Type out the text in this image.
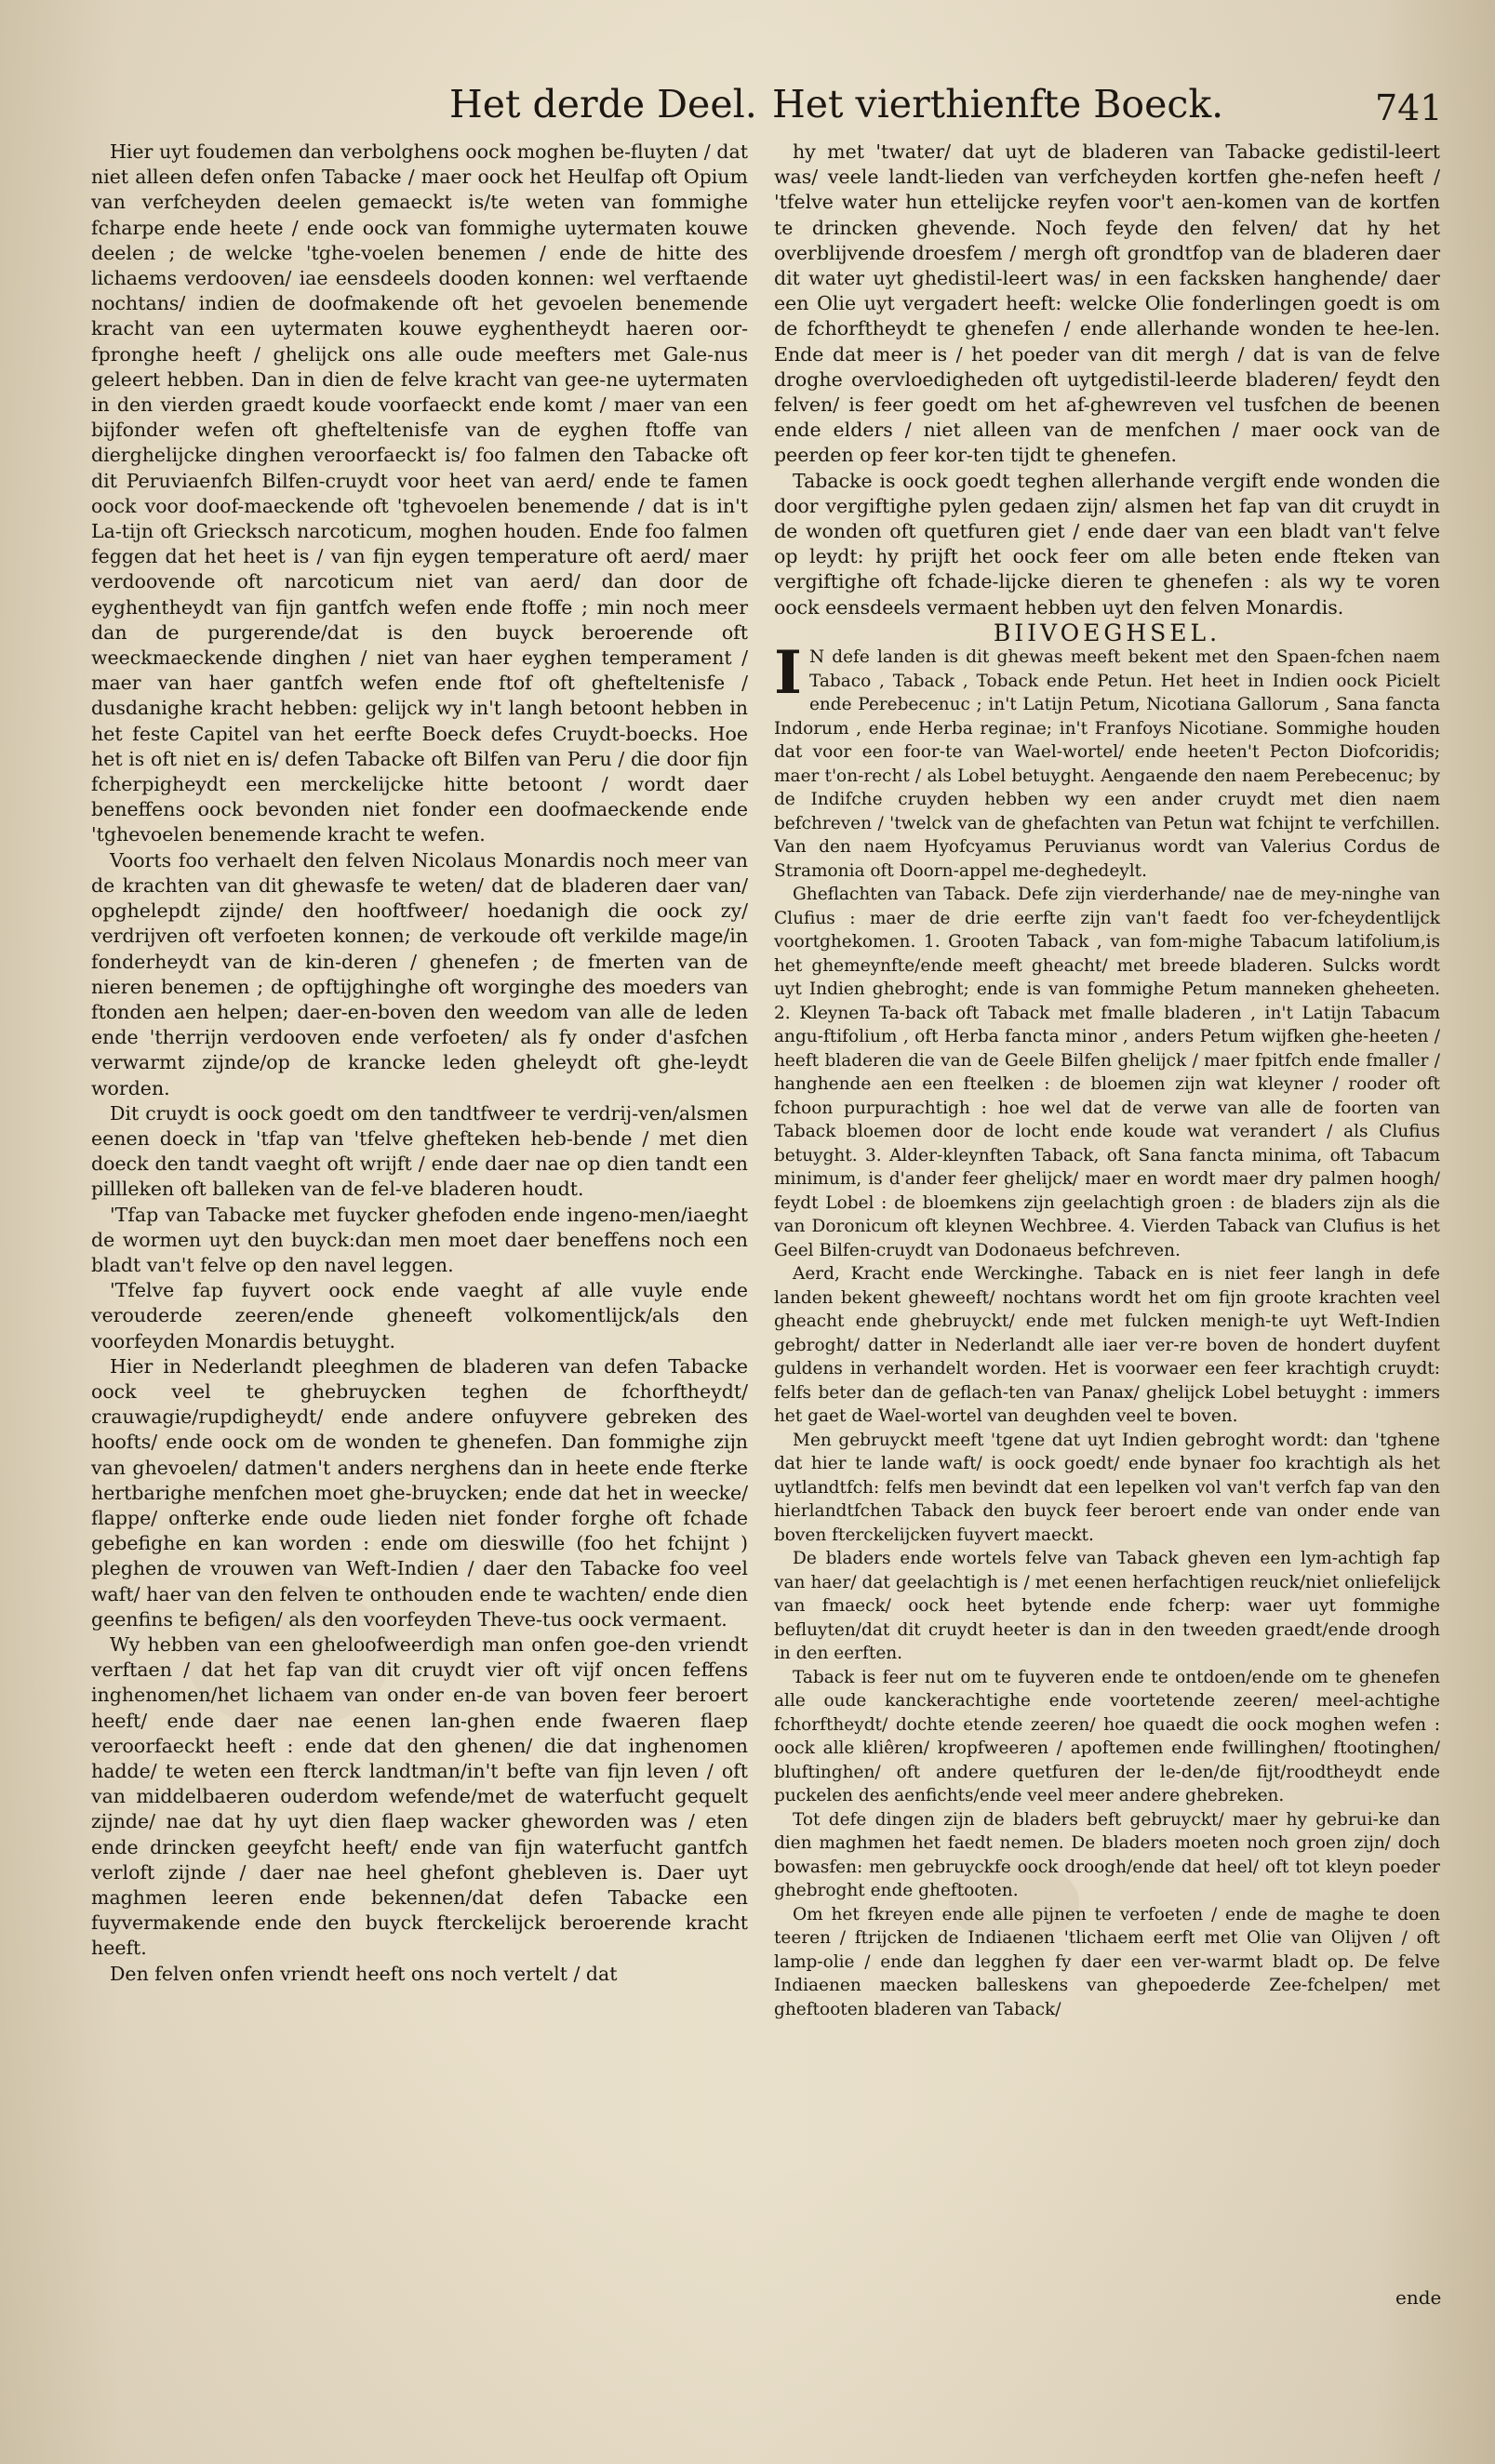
Het derde Deel. Het vierthienfte Boeck.	741

Hier uyt foudemen dan verbolghens oock moghen be-fluyten / dat niet alleen defen onfen Tabacke / maer oock het Heulfap oft Opium van verfcheyden deelen gemaeckt is/te weten van fommighe fcharpe ende heete / ende oock van fommighe uytermaten kouwe deelen ; de welcke 'tghe-voelen benemen / ende de hitte des lichaems verdooven/ iae eensdeels dooden konnen: wel verftaende nochtans/ indien de doofmakende oft het gevoelen benemende kracht van een uytermaten kouwe eyghentheydt haeren oor-fpronghe heeft / ghelijck ons alle oude meefters met Gale-nus geleert hebben. Dan in dien de felve kracht van gee-ne uytermaten in den vierden graedt koude voorfaeckt ende komt / maer van een bijfonder wefen oft ghefteltenisfe van de eyghen ftoffe van dierghelijcke dinghen veroorfaeckt is/ foo falmen den Tabacke oft dit Peruviaenfch Bilfen-cruydt voor heet van aerd/ ende te famen oock voor doof-maeckende oft 'tghevoelen benemende / dat is in't La-tijn oft Griecksch narcoticum, moghen houden. Ende foo falmen feggen dat het heet is / van fijn eygen temperature oft aerd/ maer verdoovende oft narcoticum niet van aerd/ dan door de eyghentheydt van fijn gantfch wefen ende ftoffe ; min noch meer dan de purgerende/dat is den buyck beroerende oft weeckmaeckende dinghen / niet van haer eyghen temperament / maer van haer gantfch wefen ende ftof oft ghefteltenisfe / dusdanighe kracht hebben: gelijck wy in't langh betoont hebben in het feste Capitel van het eerfte Boeck defes Cruydt-boecks. Hoe het is oft niet en is/ defen Tabacke oft Bilfen van Peru / die door fijn fcherpigheydt een merckelijcke hitte betoont / wordt daer beneffens oock bevonden niet fonder een doofmaeckende ende 'tghevoelen benemende kracht te wefen.

Voorts foo verhaelt den felven Nicolaus Monardis noch meer van de krachten van dit ghewasfe te weten/ dat de bladeren daer van/ opghelepdt zijnde/ den hooftfweer/ hoedanigh die oock zy/ verdrijven oft verfoeten konnen; de verkoude oft verkilde mage/in fonderheydt van de kin-deren / ghenefen ; de fmerten van de nieren benemen ; de opftijghinghe oft worginghe des moeders van ftonden aen helpen; daer-en-boven den weedom van alle de leden ende 'therrijn verdooven ende verfoeten/ als fy onder d'asfchen verwarmt zijnde/op de krancke leden gheleydt oft ghe-leydt worden.

Dit cruydt is oock goedt om den tandtfweer te verdrij-ven/alsmen eenen doeck in 'tfap van 'tfelve ghefteken heb-bende / met dien doeck den tandt vaeght oft wrijft / ende daer nae op dien tandt een pillleken oft balleken van de fel-ve bladeren houdt.

'Tfap van Tabacke met fuycker ghefoden ende ingeno-men/iaeght de wormen uyt den buyck:dan men moet daer beneffens noch een bladt van't felve op den navel leggen.

'Tfelve fap fuyvert oock ende vaeght af alle vuyle ende verouderde zeeren/ende gheneeft volkomentlijck/als den voorfeyden Monardis betuyght.

Hier in Nederlandt pleeghmen de bladeren van defen Tabacke oock veel te ghebruycken teghen de fchorftheydt/ crauwagie/rupdigheydt/ ende andere onfuyvere gebreken des hoofts/ ende oock om de wonden te ghenefen. Dan fommighe zijn van ghevoelen/ datmen't anders nerghens dan in heete ende fterke hertbarighe menfchen moet ghe-bruycken; ende dat het in weecke/ flappe/ onfterke ende oude lieden niet fonder forghe oft fchade gebefighe en kan worden : ende om dieswille (foo het fchijnt ) pleghen de vrouwen van Weft-Indien / daer den Tabacke foo veel waft/ haer van den felven te onthouden ende te wachten/ ende dien geenfins te befigen/ als den voorfeyden Theve-tus oock vermaent.

Wy hebben van een gheloofweerdigh man onfen goe-den vriendt verftaen / dat het fap van dit cruydt vier oft vijf oncen feffens inghenomen/het lichaem van onder en-de van boven feer beroert heeft/ ende daer nae eenen lan-ghen ende fwaeren flaep veroorfaeckt heeft : ende dat den ghenen/ die dat inghenomen hadde/ te weten een fterck landtman/in't befte van fijn leven / oft van middelbaeren ouderdom wefende/met de waterfucht gequelt zijnde/ nae dat hy uyt dien flaep wacker gheworden was / eten ende drincken geeyfcht heeft/ ende van fijn waterfucht gantfch verloft zijnde / daer nae heel ghefont ghebleven is. Daer uyt maghmen leeren ende bekennen/dat defen Tabacke een fuyvermakende ende den buyck fterckelijck beroerende kracht heeft.

Den felven onfen vriendt heeft ons noch vertelt / dat

hy met 'twater/ dat uyt de bladeren van Tabacke gedistil-leert was/ veele landt-lieden van verfcheyden kortfen ghe-nefen heeft / 'tfelve water hun ettelijcke reyfen voor't aen-komen van de kortfen te drincken ghevende. Noch feyde den felven/ dat hy het overblijvende droesfem / mergh oft grondtfop van de bladeren daer dit water uyt ghedistil-leert was/ in een facksken hanghende/ daer een Olie uyt vergadert heeft: welcke Olie fonderlingen goedt is om de fchorftheydt te ghenefen / ende allerhande wonden te hee-len. Ende dat meer is / het poeder van dit mergh / dat is van de felve droghe overvloedigheden oft uytgedistil-leerde bladeren/ feydt den felven/ is feer goedt om het af-ghewreven vel tusfchen de beenen ende elders / niet alleen van de menfchen / maer oock van de peerden op feer kor-ten tijdt te ghenefen.

Tabacke is oock goedt teghen allerhande vergift ende wonden die door vergiftighe pylen gedaen zijn/ alsmen het fap van dit cruydt in de wonden oft quetfuren giet / ende daer van een bladt van't felve op leydt: hy prijft het oock feer om alle beten ende fteken van vergiftighe oft fchade-lijcke dieren te ghenefen : als wy te voren oock eensdeels vermaent hebben uyt den felven Monardis.

BIIVOEGHSEL.

I N defe landen is dit ghewas meeft bekent met den Spaen-fchen naem Tabaco , Taback , Toback ende Petun. Het heet in Indien oock Picielt ende Perebecenuc ; in't Latijn Petum, Nicotiana Gallorum , Sana fancta Indorum , ende Herba reginae; in't Franfoys Nicotiane. Sommighe houden dat voor een foor-te van Wael-wortel/ ende heeten't Pecton Diofcoridis; maer t'on-recht / als Lobel betuyght. Aengaende den naem Perebecenuc; by de Indifche cruyden hebben wy een ander cruydt met dien naem befchreven / 'twelck van de ghefachten van Petun wat fchijnt te verfchillen. Van den naem Hyofcyamus Peruvianus wordt van Valerius Cordus de Stramonia oft Doorn-appel me-deghedeylt.

Gheflachten van Taback. Defe zijn vierderhande/ nae de mey-ninghe van Clufius : maer de drie eerfte zijn van't faedt foo ver-fcheydentlijck voortghekomen. 1. Grooten Taback , van fom-mighe Tabacum latifolium,is het ghemeynfte/ende meeft gheacht/ met breede bladeren. Sulcks wordt uyt Indien ghebroght; ende is van fommighe Petum manneken gheheeten. 2. Kleynen Ta-back oft Taback met fmalle bladeren , in't Latijn Tabacum angu-ftifolium , oft Herba fancta minor , anders Petum wijfken ghe-heeten / heeft bladeren die van de Geele Bilfen ghelijck / maer fpitfch ende fmaller / hanghende aen een fteelken : de bloemen zijn wat kleyner / rooder oft fchoon purpurachtigh : hoe wel dat de verwe van alle de foorten van Taback bloemen door de locht ende koude wat verandert / als Clufius betuyght. 3. Alder-kleynften Taback, oft Sana fancta minima, oft Tabacum minimum, is d'ander feer ghelijck/ maer en wordt maer dry palmen hoogh/ feydt Lobel : de bloemkens zijn geelachtigh groen : de bladers zijn als die van Doronicum oft kleynen Wechbree. 4. Vierden Taback van Clufius is het Geel Bilfen-cruydt van Dodonaeus befchreven.

Aerd, Kracht ende Werckinghe. Taback en is niet feer langh in defe landen bekent gheweeft/ nochtans wordt het om fijn groote krachten veel gheacht ende ghebruyckt/ ende met fulcken menigh-te uyt Weft-Indien gebroght/ datter in Nederlandt alle iaer ver-re boven de hondert duyfent guldens in verhandelt worden. Het is voorwaer een feer krachtigh cruydt: felfs beter dan de geflach-ten van Panax/ ghelijck Lobel betuyght : immers het gaet de Wael-wortel van deughden veel te boven.

Men gebruyckt meeft 'tgene dat uyt Indien gebroght wordt: dan 'tghene dat hier te lande waft/ is oock goedt/ ende bynaer foo krachtigh als het uytlandtfch: felfs men bevindt dat een lepelken vol van't verfch fap van den hierlandtfchen Taback den buyck feer beroert ende van onder ende van boven fterckelijcken fuyvert maeckt.

De bladers ende wortels felve van Taback gheven een lym-achtigh fap van haer/ dat geelachtigh is / met eenen herfachtigen reuck/niet onliefelijck van fmaeck/ oock heet bytende ende fcherp: waer uyt fommighe befluyten/dat dit cruydt heeter is dan in den tweeden graedt/ende droogh in den eerften.

Taback is feer nut om te fuyveren ende te ontdoen/ende om te ghenefen alle oude kanckerachtighe ende voortetende zeeren/ meel-achtighe fchorftheydt/ dochte etende zeeren/ hoe quaedt die oock moghen wefen : oock alle kliêren/ kropfweeren / apoftemen ende fwillinghen/ ftootinghen/ bluftinghen/ oft andere quetfuren der le-den/de fijt/roodtheydt ende puckelen des aenfichts/ende veel meer andere ghebreken.

Tot defe dingen zijn de bladers beft gebruyckt/ maer hy gebrui-ke dan dien maghmen het faedt nemen. De bladers moeten noch groen zijn/ doch bowasfen: men gebruyckfe oock droogh/ende dat heel/ oft tot kleyn poeder ghebroght ende gheftooten.

Om het fkreyen ende alle pijnen te verfoeten / ende de maghe te doen teeren / ftrijcken de Indiaenen 'tlichaem eerft met Olie van Olijven / oft lamp-olie / ende dan legghen fy daer een ver-warmt bladt op. De felve Indiaenen maecken balleskens van ghepoederde Zee-fchelpen/ met gheftooten bladeren van Taback/

ende
